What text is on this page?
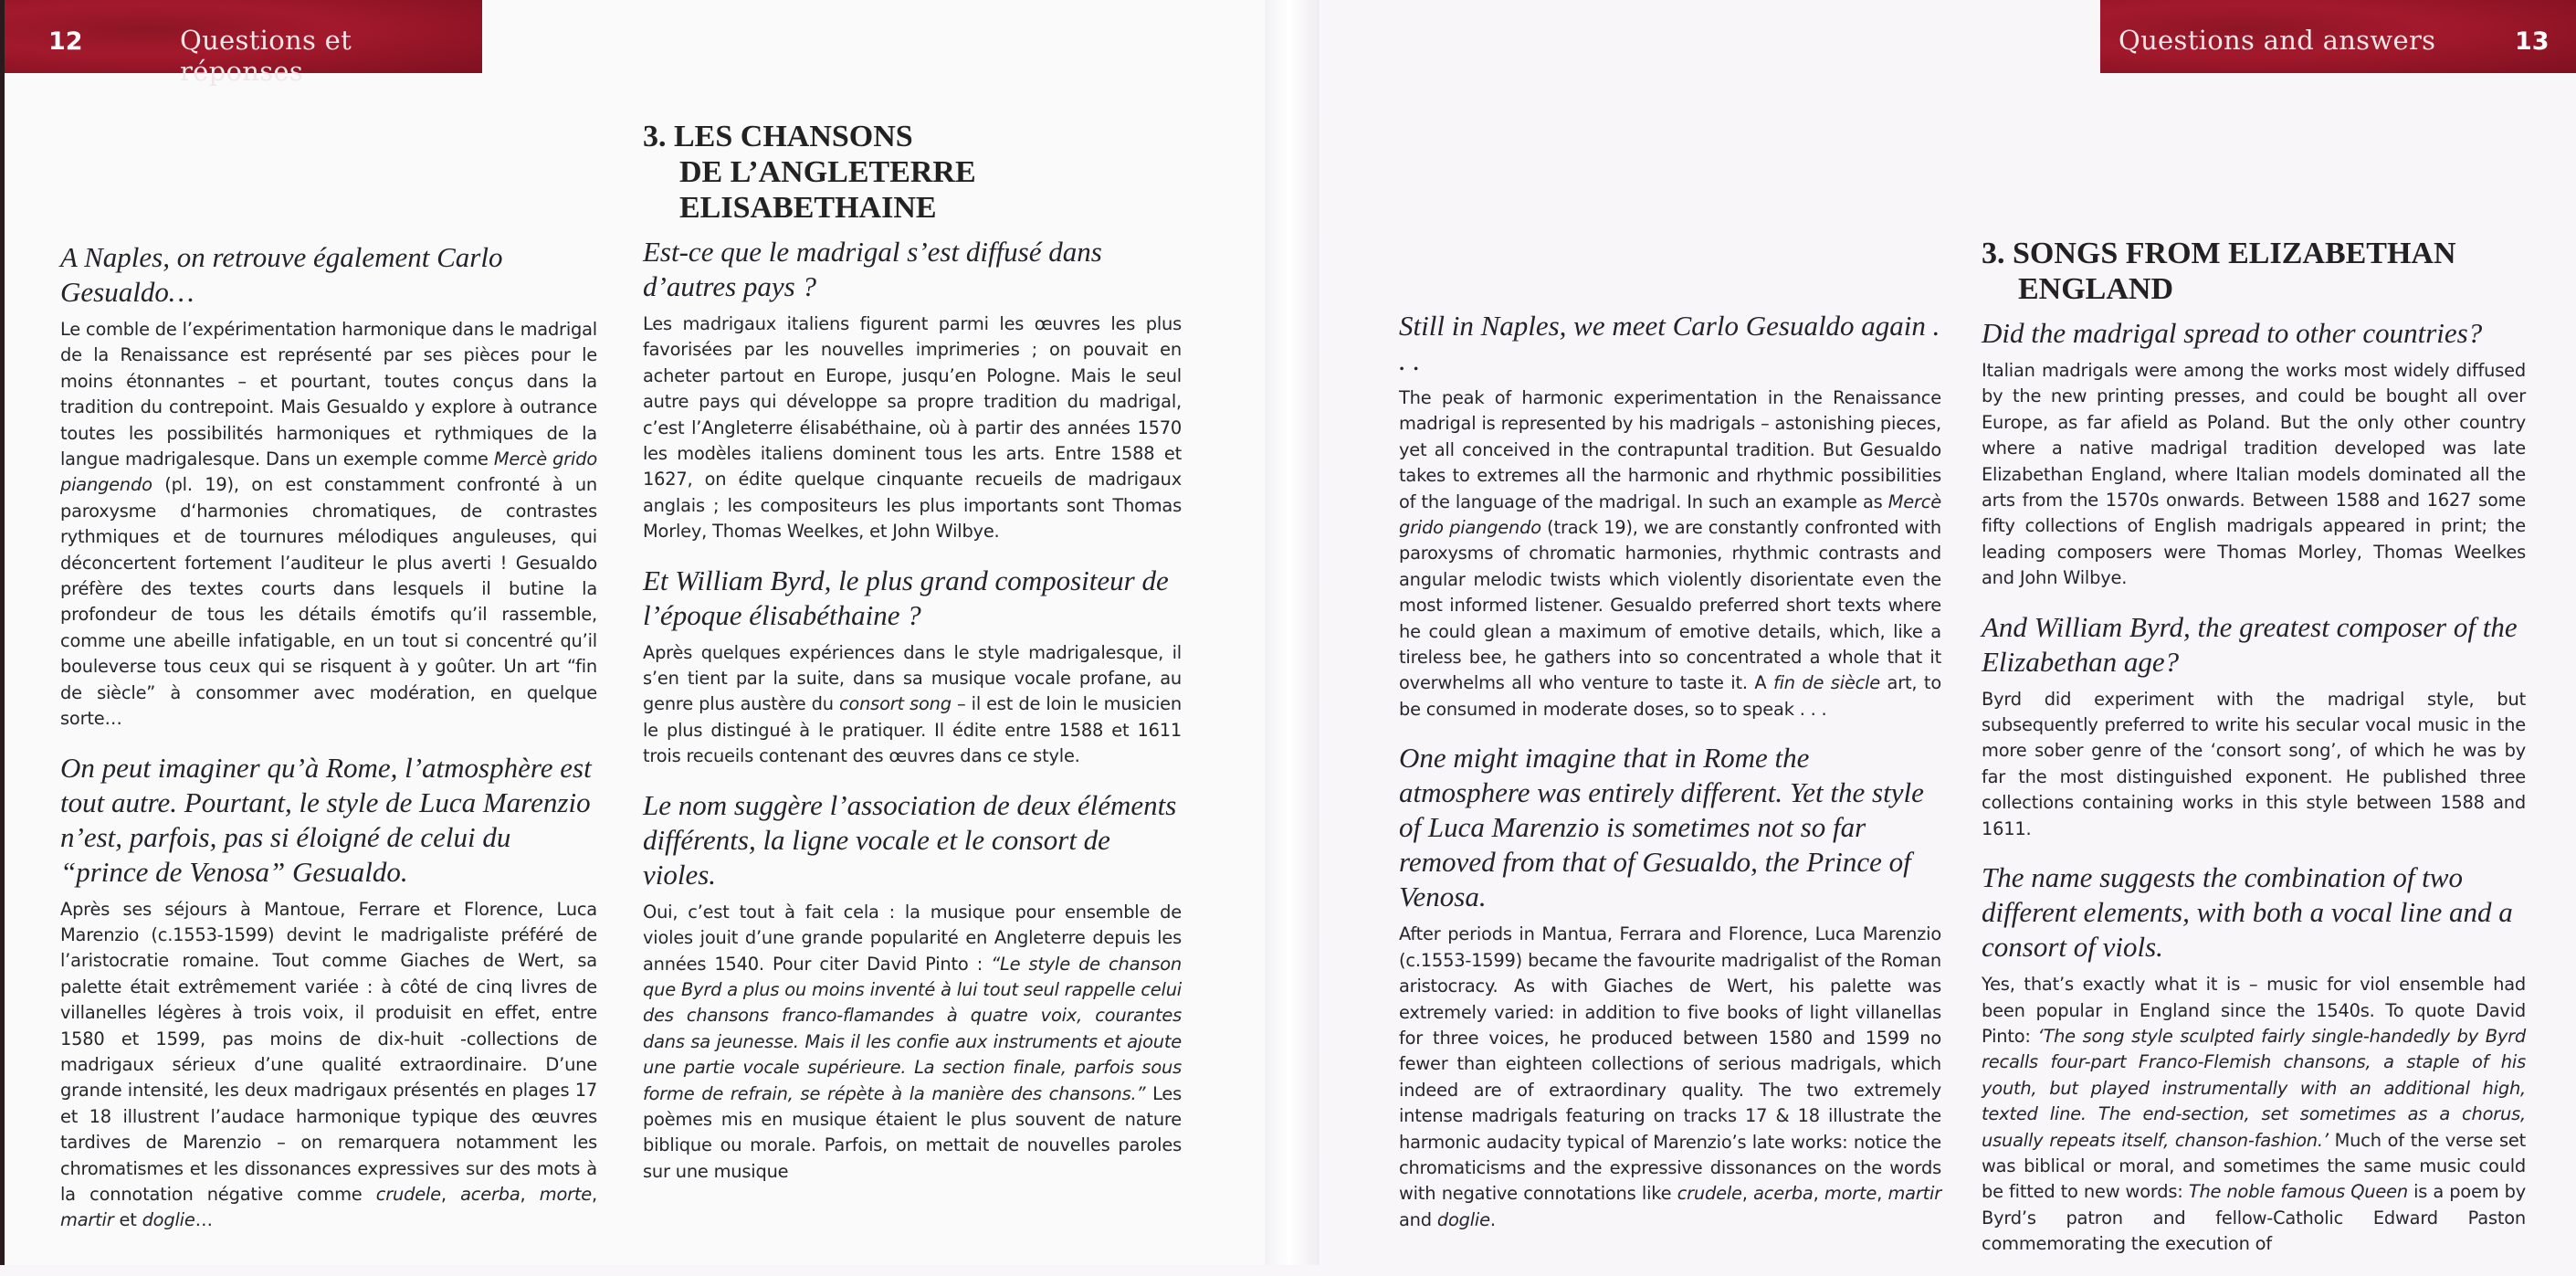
12	Questions et réponses
A Naples, on retrouve également Carlo Gesualdo…
Le comble de l’expérimentation harmonique dans le madrigal de la Renaissance est représenté par ses pièces pour le moins étonnantes – et pourtant, toutes conçus dans la tradition du contrepoint. Mais Gesualdo y explore à outrance toutes les possibilités harmoniques et rythmiques de la langue madrigalesque. Dans un exemple comme Mercè grido piangendo (pl. 19), on est constamment confronté à un paroxysme d‘harmonies chromatiques, de contrastes rythmiques et de tournures mélodiques anguleuses, qui déconcertent fortement l’auditeur le plus averti ! Gesualdo préfère des textes courts dans lesquels il butine la profondeur de tous les détails émotifs qu’il rassemble, comme une abeille infatigable, en un tout si concentré qu’il bouleverse tous ceux qui se risquent à y goûter. Un art “fin de siècle” à consommer avec modération, en quelque sorte…
On peut imaginer qu’à Rome, l’atmosphère est tout autre. Pourtant, le style de Luca Marenzio n’est, parfois, pas si éloigné de celui du “prince de Venosa” Gesualdo.
Après ses séjours à Mantoue, Ferrare et Florence, Luca Marenzio (c.1553-1599) devint le madrigaliste préféré de l’aristocratie romaine. Tout comme Giaches de Wert, sa palette était extrêmement variée : à côté de cinq livres de villanelles légères à trois voix, il produisit en effet, entre 1580 et 1599, pas moins de dix-huit -collections de madrigaux sérieux d’une qualité extraordinaire. D’une grande intensité, les deux madrigaux présentés en plages 17 et 18 illustrent l’audace harmonique typique des œuvres tardives de Marenzio – on remarquera notamment les chromatismes et les dissonances expressives sur des mots à la connotation négative comme crudele, acerba, morte, martir et doglie…
3. LES CHANSONS
DE L’ANGLETERRE
ELISABETHAINE
Est-ce que le madrigal s’est diffusé dans d’autres pays ?
Les madrigaux italiens figurent parmi les œuvres les plus favorisées par les nouvelles imprimeries ; on pouvait en acheter partout en Europe, jusqu’en Pologne. Mais le seul autre pays qui développe sa propre tradition du madrigal, c’est l’Angleterre élisabéthaine, où à partir des années 1570 les modèles italiens dominent tous les arts. Entre 1588 et 1627, on édite quelque cinquante recueils de madrigaux anglais ; les compositeurs les plus importants sont Thomas Morley, Thomas Weelkes, et John Wilbye.
Et William Byrd, le plus grand compositeur de l’époque élisabéthaine ?
Après quelques expériences dans le style madrigalesque, il s’en tient par la suite, dans sa musique vocale profane, au genre plus austère du consort song – il est de loin le musicien le plus distingué à le pratiquer. Il édite entre 1588 et 1611 trois recueils contenant des œuvres dans ce style.
Le nom suggère l’association de deux éléments différents, la ligne vocale et le consort de violes.
Oui, c’est tout à fait cela : la musique pour ensemble de violes jouit d’une grande popularité en Angleterre depuis les années 1540. Pour citer David Pinto : “Le style de chanson que Byrd a plus ou moins inventé à lui tout seul rappelle celui des chansons franco-flamandes à quatre voix, courantes dans sa jeunesse. Mais il les confie aux instruments et ajoute une partie vocale supérieure. La section finale, parfois sous forme de refrain, se répète à la manière des chansons.” Les poèmes mis en musique étaient le plus souvent de nature biblique ou morale. Parfois, on mettait de nouvelles paroles sur une musique
Questions and answers	13
Still in Naples, we meet Carlo Gesualdo again . . .
The peak of harmonic experimentation in the Renaissance madrigal is represented by his madrigals – astonishing pieces, yet all conceived in the contrapuntal tradition. But Gesualdo takes to extremes all the harmonic and rhythmic possibilities of the language of the madrigal. In such an example as Mercè grido piangendo (track 19), we are constantly confronted with paroxysms of chromatic harmonies, rhythmic contrasts and angular melodic twists which violently disorientate even the most informed listener. Gesualdo preferred short texts where he could glean a maximum of emotive details, which, like a tireless bee, he gathers into so concentrated a whole that it overwhelms all who venture to taste it. A fin de siècle art, to be consumed in moderate doses, so to speak . . .
One might imagine that in Rome the atmosphere was entirely different. Yet the style of Luca Marenzio is sometimes not so far removed from that of Gesualdo, the Prince of Venosa.
After periods in Mantua, Ferrara and Florence, Luca Marenzio (c.1553-1599) became the favourite madrigalist of the Roman aristocracy. As with Giaches de Wert, his palette was extremely varied: in addition to five books of light villanellas for three voices, he produced between 1580 and 1599 no fewer than eighteen collections of serious madrigals, which indeed are of extraordinary quality. The two extremely intense madrigals featuring on tracks 17 & 18 illustrate the harmonic audacity typical of Marenzio’s late works: notice the chromaticisms and the expressive dissonances on the words with negative connotations like crudele, acerba, morte, martir and doglie.
3. SONGS FROM ELIZABETHAN
ENGLAND
Did the madrigal spread to other countries?
Italian madrigals were among the works most widely diffused by the new printing presses, and could be bought all over Europe, as far afield as Poland. But the only other country where a native madrigal tradition developed was late Elizabethan England, where Italian models dominated all the arts from the 1570s onwards. Between 1588 and 1627 some fifty collections of English madrigals appeared in print; the leading composers were Thomas Morley, Thomas Weelkes and John Wilbye.
And William Byrd, the greatest composer of the Elizabethan age?
Byrd did experiment with the madrigal style, but subsequently preferred to write his secular vocal music in the more sober genre of the ‘consort song’, of which he was by far the most distinguished exponent. He published three collections containing works in this style between 1588 and 1611.
The name suggests the combination of two different elements, with both a vocal line and a consort of viols.
Yes, that’s exactly what it is – music for viol ensemble had been popular in England since the 1540s. To quote David Pinto: ‘The song style sculpted fairly single-handedly by Byrd recalls four-part Franco-Flemish chansons, a staple of his youth, but played instrumentally with an additional high, texted line. The end-section, set sometimes as a chorus, usually repeats itself, chanson-fashion.’ Much of the verse set was biblical or moral, and sometimes the same music could be fitted to new words: The noble famous Queen is a poem by Byrd’s patron and fellow-Catholic Edward Paston commemorating the execution of
